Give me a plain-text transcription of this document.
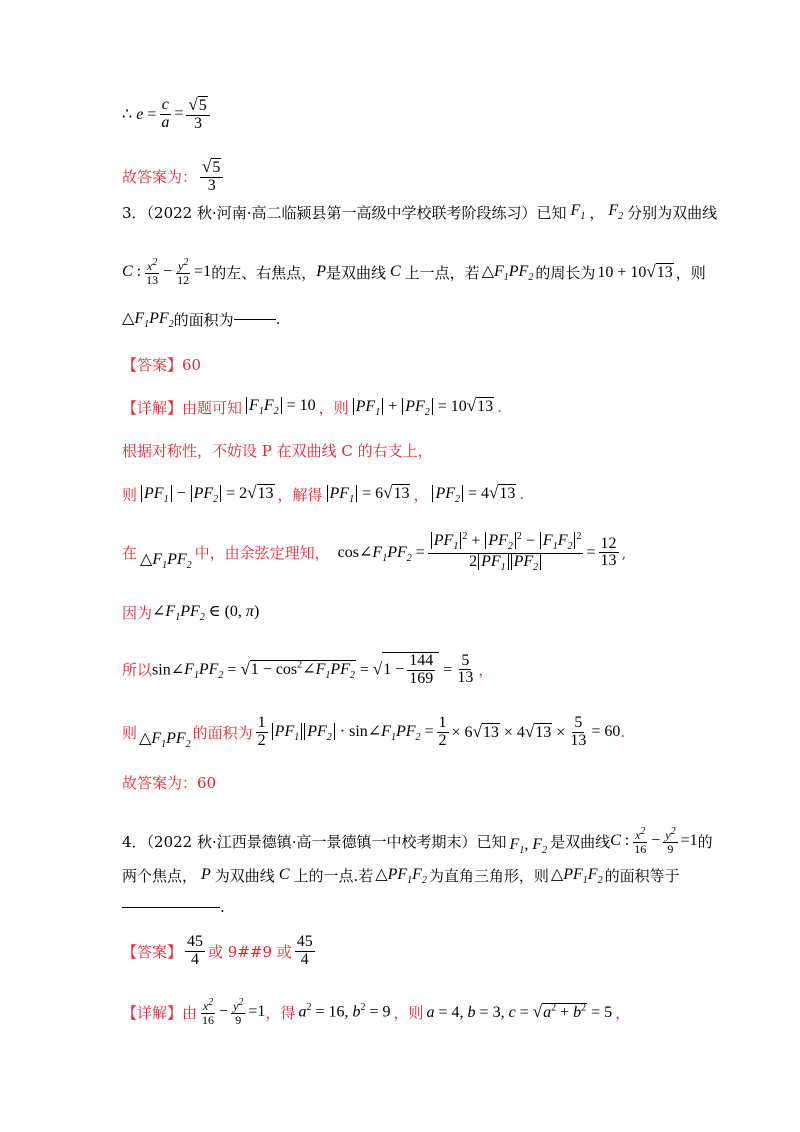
∴ $e = \frac{c}{a} = \frac{√5}{3}$
故答案为： $\frac{√5}{3}$
3．（2022 秋·河南·高二临颍县第一高级中学校联考阶段练习）已知 $F_1$ ， $F_2$ 分别为双曲线
C : $\frac{x^2}{13} - \frac{y^2}{12} =1$ 的左、右焦点， P 是双曲线 C 上一点，若 $\triangle F_1PF_2$ 的周长为 10 + 10√13 ，则
$\triangle F_1PF_2$ 的面积为	.
【答案】 60
【详解】 由题可知 $F_1F_2 = 10$ ，则 $PF_1 + PF_2 = 10√13$ .
根据对称性，不妨设 P 在双曲线 C 的右支上，
则 $PF_1 - PF_2 = 2√13$ ，解得 $PF_1 = 6√13$ ， $PF_2 = 4√13$ .
在 $\triangle F_1PF_2$
中，由余弦定理知， $\cos\angle F_1PF_2 = \frac{PF_1^2 + PF_2^2 - F_1F_2^2}{2 PF_1 PF_2} = \frac{12}{13}$ ,
因为 $\angle F_1PF_2$ ∈ (0, π)
所以 $\sin\angle F_1PF_2 = √1$ − $\cos^2\angle F_1PF_2 = √1 - \frac{144}{169} = \frac{5}{13}$ ，
则 $\triangle F_1PF_2$
的面积为 $\frac{1}{2} PF_1$ $PF_2$ · $\sin\angle F_1PF_2 = \frac{1}{2} \times 6√13 \times 4√13 \times \frac{5}{13} = 60$ .
故答案为：60
4．（2022 秋·江西景德镇·高一景德镇一中校考期末）已知 $F_1$, $F_2$
是双曲线 C : $\frac{x^2}{16} - \frac{y^2}{9} =1$ 的
两个焦点， P 为双曲线 C 上的一点.若 $\triangle PF_1F_2$ 为直角三角形，则 $\triangle PF_1F_2$ 的面积等于
.
【答案】 $\frac{45}{4}$ 或 9##9 或 $\frac{45}{4}$
【详解】 由 $\frac{x^2}{16} - \frac{y^2}{9} =1$ ，得 $a^2 = 16$, $b^2 = 9$ ，则 a = 4, b = 3, $c = √a^2 + b^2 = 5$ ，
